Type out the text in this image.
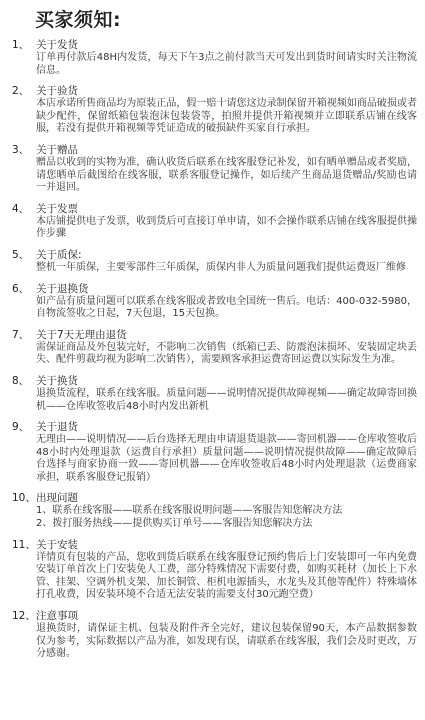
买家须知:
1、 关于发货
订单再付款后48H内发货，每天下午3点之前付款当天可发出到货时间请实时关注物流信息。
2、 关于验货
本店承诺所售商品均为原装正品，假一赔十请您这边录制保留开箱视频如商品破损或者缺少配件，保留纸箱包装泡沫包装袋等，拍照并提供开箱视频并立即联系店铺在线客服，若没有提供开箱视频等凭证造成的破损缺件买家自行承担。
3、 关于赠品
赠品以收到的实物为准，确认收货后联系在线客服登记补发，如有晒单赠品或者奖励，请您晒单后截图给在线客服，联系客服登记操作，如后续产生商品退货赠品/奖励也请一并退回。
4、 关于发票
本店铺提供电子发票，收到货后可直接订单申请，如不会操作联系店铺在线客服提供操作步骤
5、 关于质保:
整机一年质保，主要零部件三年质保，质保内非人为质量问题我们提供运费返厂维修
6、 关于退换货
如产品有质量问题可以联系在线客服或者致电全国统一售后。电话：400-032-5980，自物流签收之日起，7天包退，15天包换。
7、 关于7天无理由退货
需保证商品及外包装完好，不影响二次销售（纸箱已丢、防震泡沫损坏、安装固定块丢失、配件剪裁均视为影响二次销售），需要顾客承担运费寄回运费以实际发生为准。
8、 关于换货
退换货流程，联系在线客服。质量问题——说明情况提供故障视频——确定故障寄回换机——仓库收签收后48小时内发出新机
9、 关于退货
无理由——说明情况——后台选择无理由申请退货退款——寄回机器——仓库收签收后48小时内处理退款（运费自行承担）质量问题——说明情况提供故障——确定故障后台选择与商家协商一致——寄回机器——仓库收签收后48小时内处理退款（运费商家承担，联系客服登记报销）
10、 出现问题
1、联系在线客服——联系在线客服说明问题——客服告知您解决方法
2、拨打服务热线——提供购买订单号——客服告知您解决方法
11、 关于安装
详情页有包装的产品，您收到货后联系在线客服登记预约售后上门安装即可一年内免费安装订单首次上门安装免人工费，部分特殊情况下需要付费，如购买耗材（加长上下水管、挂架、空调外机支架、加长铜管、柜机电源插头，水龙头及其他等配件）特殊墙体打孔收费，因安装环境不合适无法安装的需要支付30元跑空费）
12、 注意事项
退换货时，请保证主机、包装及附件齐全完好，建议包装保留90天，本产品数据参数仅为参考，实际数据以产品为准，如发现有误，请联系在线客服，我们会及时更改，万分感谢。
